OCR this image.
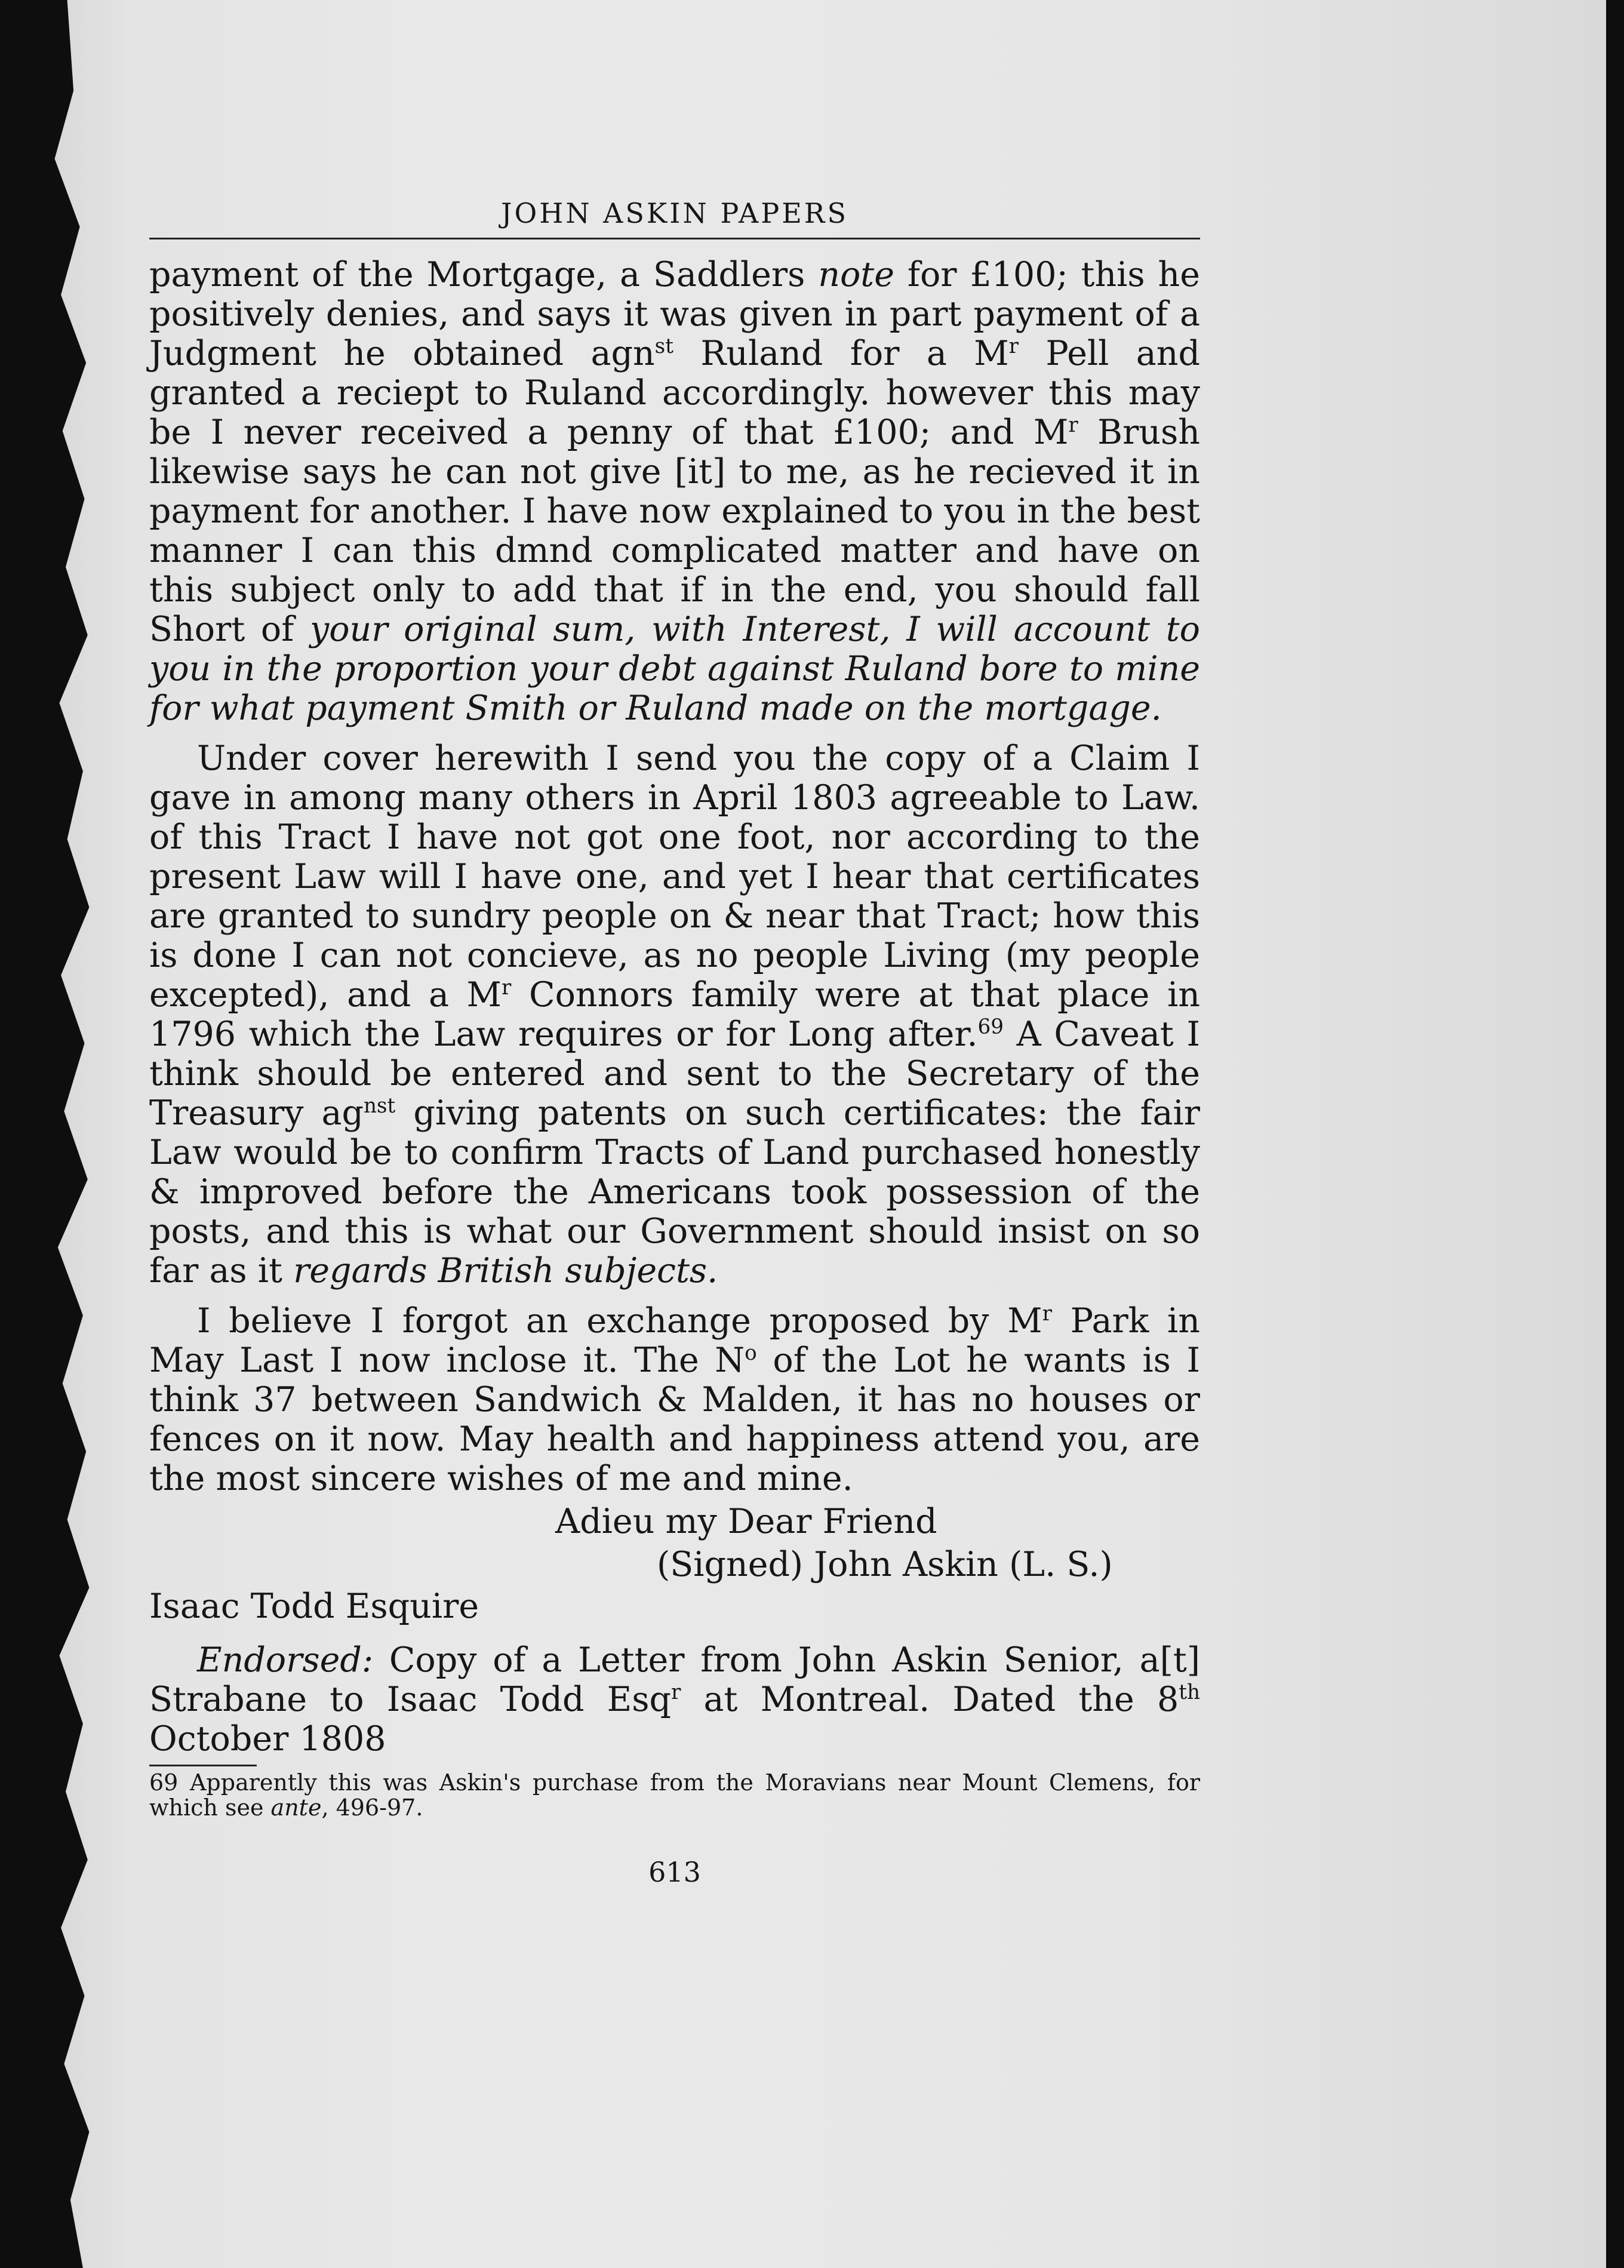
JOHN ASKIN PAPERS

payment of the Mortgage, a Saddlers note for £100; this he positively denies, and says it was given in part payment of a Judgment he obtained agn$^{st}$ Ruland for a $M^r$ Pell and granted a reciept to Ruland accordingly. however this may be I never received a penny of that £100; and $M^r$ Brush likewise says he can not give [it] to me, as he recieved it in payment for another. I have now explained to you in the best manner I can this dmnd complicated matter and have on this subject only to add that if in the end, you should fall Short of your original sum, with Interest, I will account to you in the proportion your debt against Ruland bore to mine for what payment Smith or Ruland made on the mortgage.

Under cover herewith I send you the copy of a Claim I gave in among many others in April 1803 agreeable to Law. of this Tract I have not got one foot, nor according to the present Law will I have one, and yet I hear that certificates are granted to sundry people on & near that Tract; how this is done I can not concieve, as no people Living (my people excepted), and a $M^r$ Connors family were at that place in 1796 which the Law requires or for Long after.$^{69}$ A Caveat I think should be entered and sent to the Secretary of the Treasury $ag^{nst}$ giving patents on such certificates: the fair Law would be to confirm Tracts of Land purchased honestly & improved before the Americans took possession of the posts, and this is what our Government should insist on so far as it regards British subjects.

I believe I forgot an exchange proposed by $M^r$ Park in May Last I now inclose it. The $N^o$ of the Lot he wants is I think 37 between Sandwich & Malden, it has no houses or fences on it now. May health and happiness attend you, are the most sincere wishes of me and mine.

Adieu my Dear Friend

(Signed) John Askin (L. S.)

Isaac Todd Esquire

Endorsed: Copy of a Letter from John Askin Senior, a[t] Strabane to Isaac Todd Esq$^r$ at Montreal. Dated the 8th October 1808

69 Apparently this was Askin's purchase from the Moravians near Mount Clemens, for which see ante, 496-97.

613
